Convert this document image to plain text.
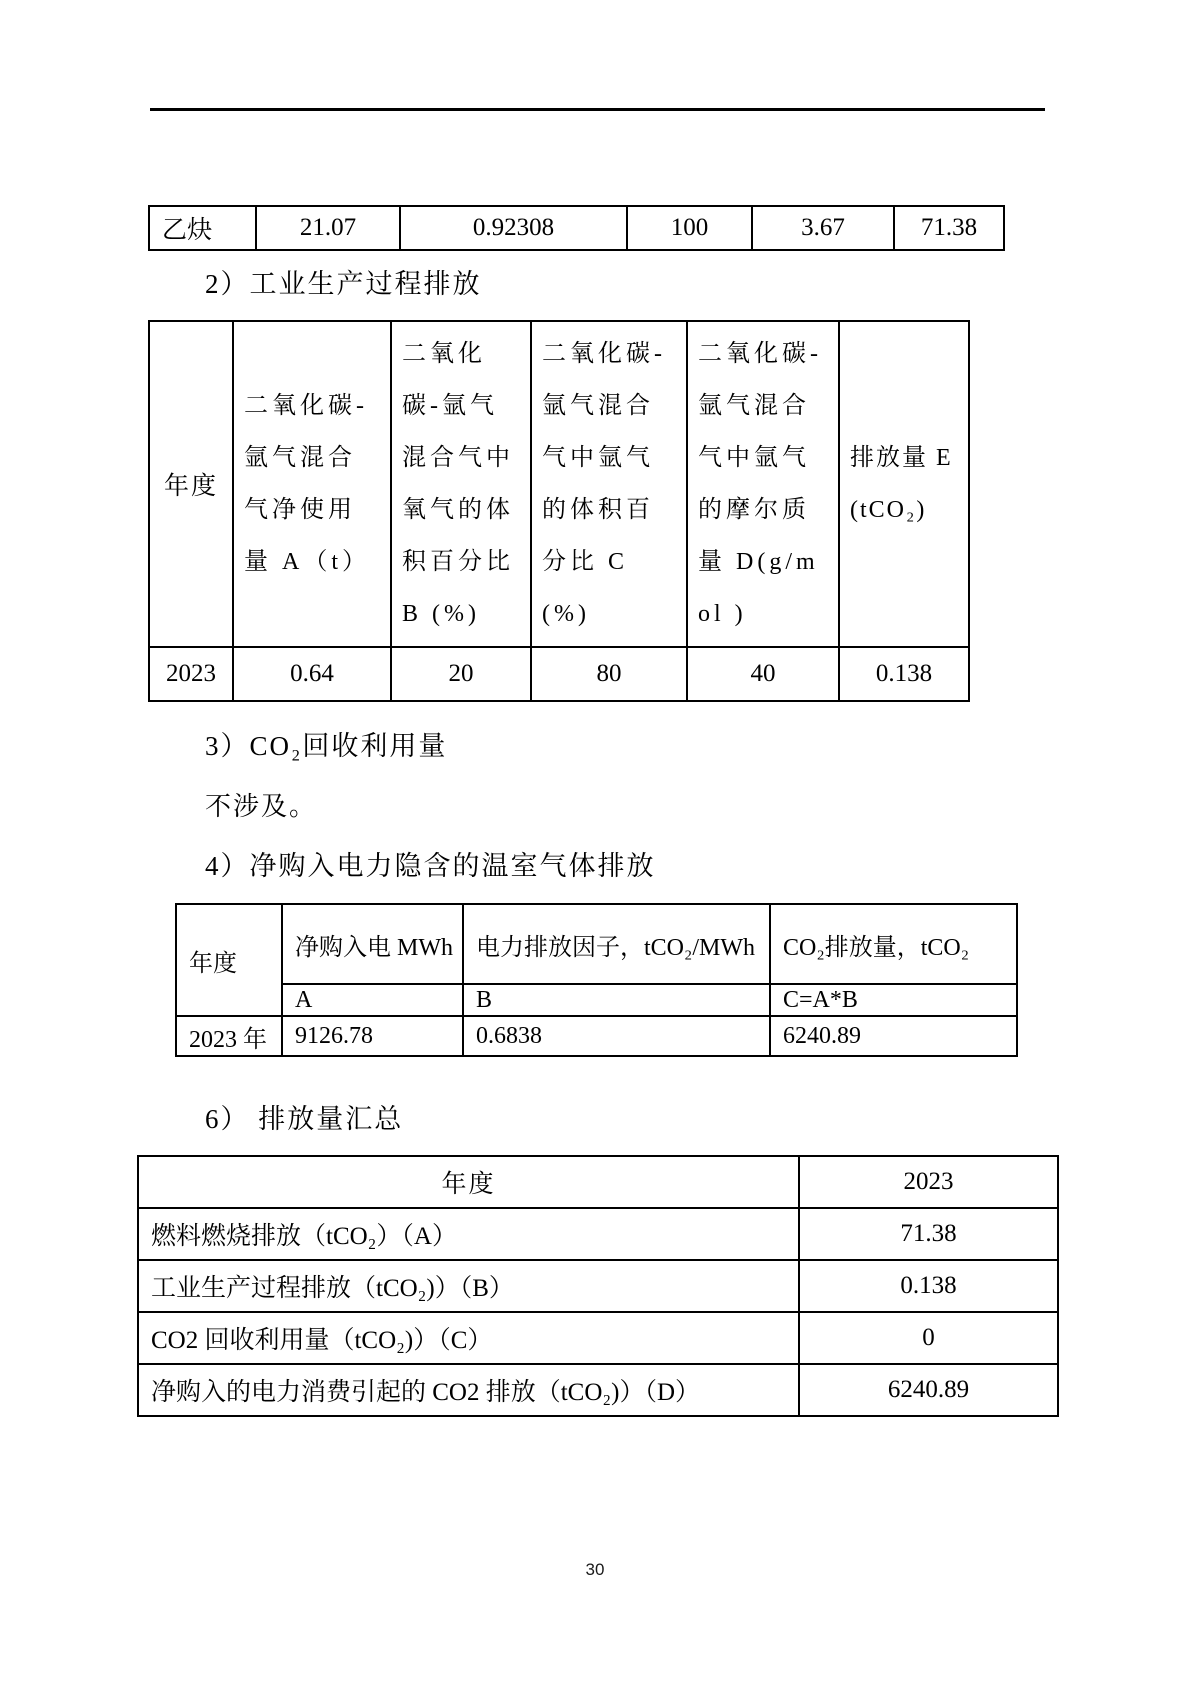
乙炔	21.07	0.92308	100	3.67	71.38
2）工业生产过程排放
年度	二氧化碳-氩气混合气净使用量 A（t）	二氧化碳-氩气混合气中氧气的体积百分比 B (%)	二氧化碳-氩气混合气中氩气的体积百分比 C (%)	二氧化碳-氩气混合气中氩气的摩尔质量 D(g/mol )	排放量 E (tCO₂)
2023	0.64	20	80	40	0.138
3）CO₂回收利用量

不涉及。

4）净购入电力隐含的温室气体排放
年度	净购入电 MWh	电力排放因子，tCO₂/MWh	CO₂排放量，tCO₂
	A	B	C=A*B
2023 年	9126.78	0.6838	6240.89
6） 排放量汇总
年度	2023
燃料燃烧排放（tCO₂）（A）	71.38
工业生产过程排放（tCO₂)）（B）	0.138
CO2 回收利用量（tCO₂)）（C）	0
净购入的电力消费引起的 CO2 排放（tCO₂)）（D）	6240.89
30
